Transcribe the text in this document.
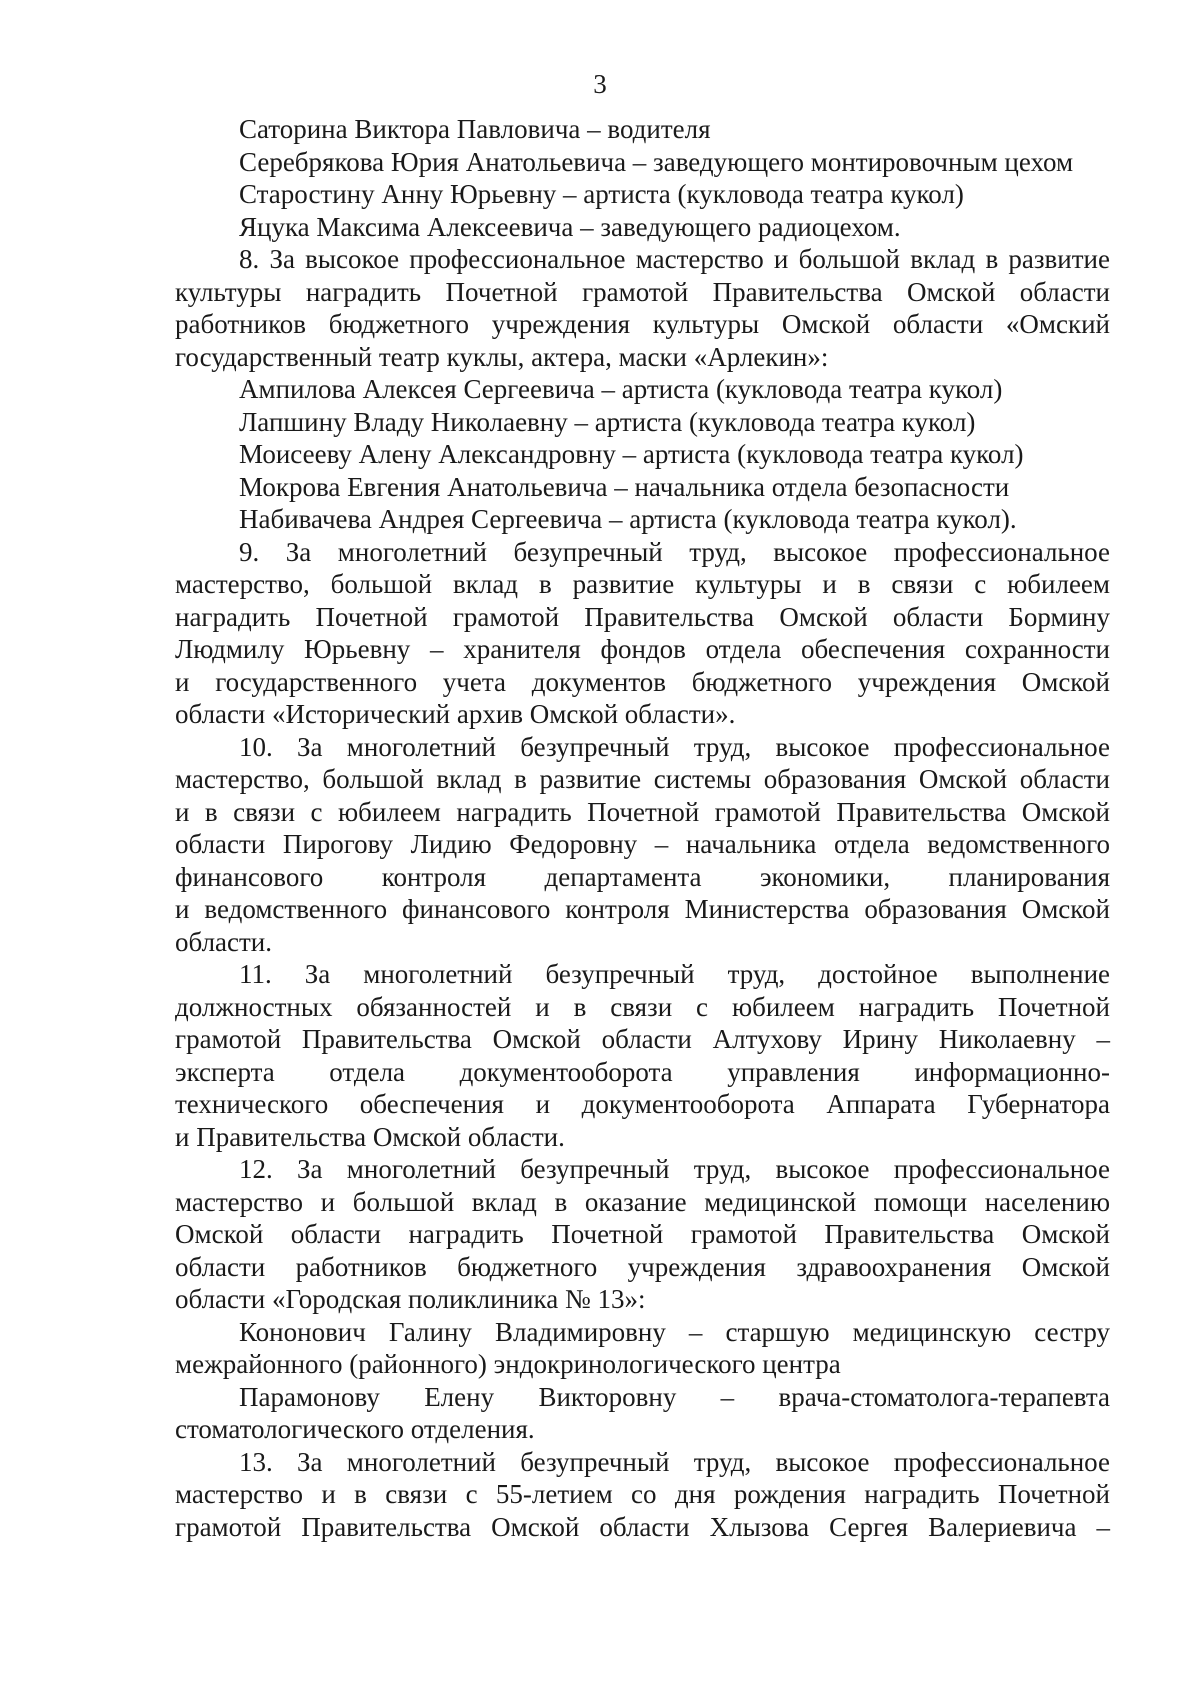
3
Саторина Виктора Павловича – водителя
Серебрякова Юрия Анатольевича – заведующего монтировочным цехом
Старостину Анну Юрьевну – артиста (кукловода театра кукол)
Яцука Максима Алексеевича – заведующего радиоцехом.
8. За высокое профессиональное мастерство и большой вклад в развитие
культуры наградить Почетной грамотой Правительства Омской области
работников бюджетного учреждения культуры Омской области «Омский
государственный театр куклы, актера, маски «Арлекин»:
Ампилова Алексея Сергеевича – артиста (кукловода театра кукол)
Лапшину Владу Николаевну – артиста (кукловода театра кукол)
Моисееву Алену Александровну – артиста (кукловода театра кукол)
Мокрова Евгения Анатольевича – начальника отдела безопасности
Набивачева Андрея Сергеевича – артиста (кукловода театра кукол).
9. За многолетний безупречный труд, высокое профессиональное
мастерство, большой вклад в развитие культуры и в связи с юбилеем
наградить Почетной грамотой Правительства Омской области Бормину
Людмилу Юрьевну – хранителя фондов отдела обеспечения сохранности
и государственного учета документов бюджетного учреждения Омской
области «Исторический архив Омской области».
10. За многолетний безупречный труд, высокое профессиональное
мастерство, большой вклад в развитие системы образования Омской области
и в связи с юбилеем наградить Почетной грамотой Правительства Омской
области Пирогову Лидию Федоровну – начальника отдела ведомственного
финансового контроля департамента экономики, планирования
и ведомственного финансового контроля Министерства образования Омской
области.
11. За многолетний безупречный труд, достойное выполнение
должностных обязанностей и в связи с юбилеем наградить Почетной
грамотой Правительства Омской области Алтухову Ирину Николаевну –
эксперта отдела документооборота управления информационно-
технического обеспечения и документооборота Аппарата Губернатора
и Правительства Омской области.
12. За многолетний безупречный труд, высокое профессиональное
мастерство и большой вклад в оказание медицинской помощи населению
Омской области наградить Почетной грамотой Правительства Омской
области работников бюджетного учреждения здравоохранения Омской
области «Городская поликлиника № 13»:
Кононович Галину Владимировну – старшую медицинскую сестру
межрайонного (районного) эндокринологического центра
Парамонову Елену Викторовну – врача-стоматолога-терапевта
стоматологического отделения.
13. За многолетний безупречный труд, высокое профессиональное
мастерство и в связи с 55-летием со дня рождения наградить Почетной
грамотой Правительства Омской области Хлызова Сергея Валериевича –
